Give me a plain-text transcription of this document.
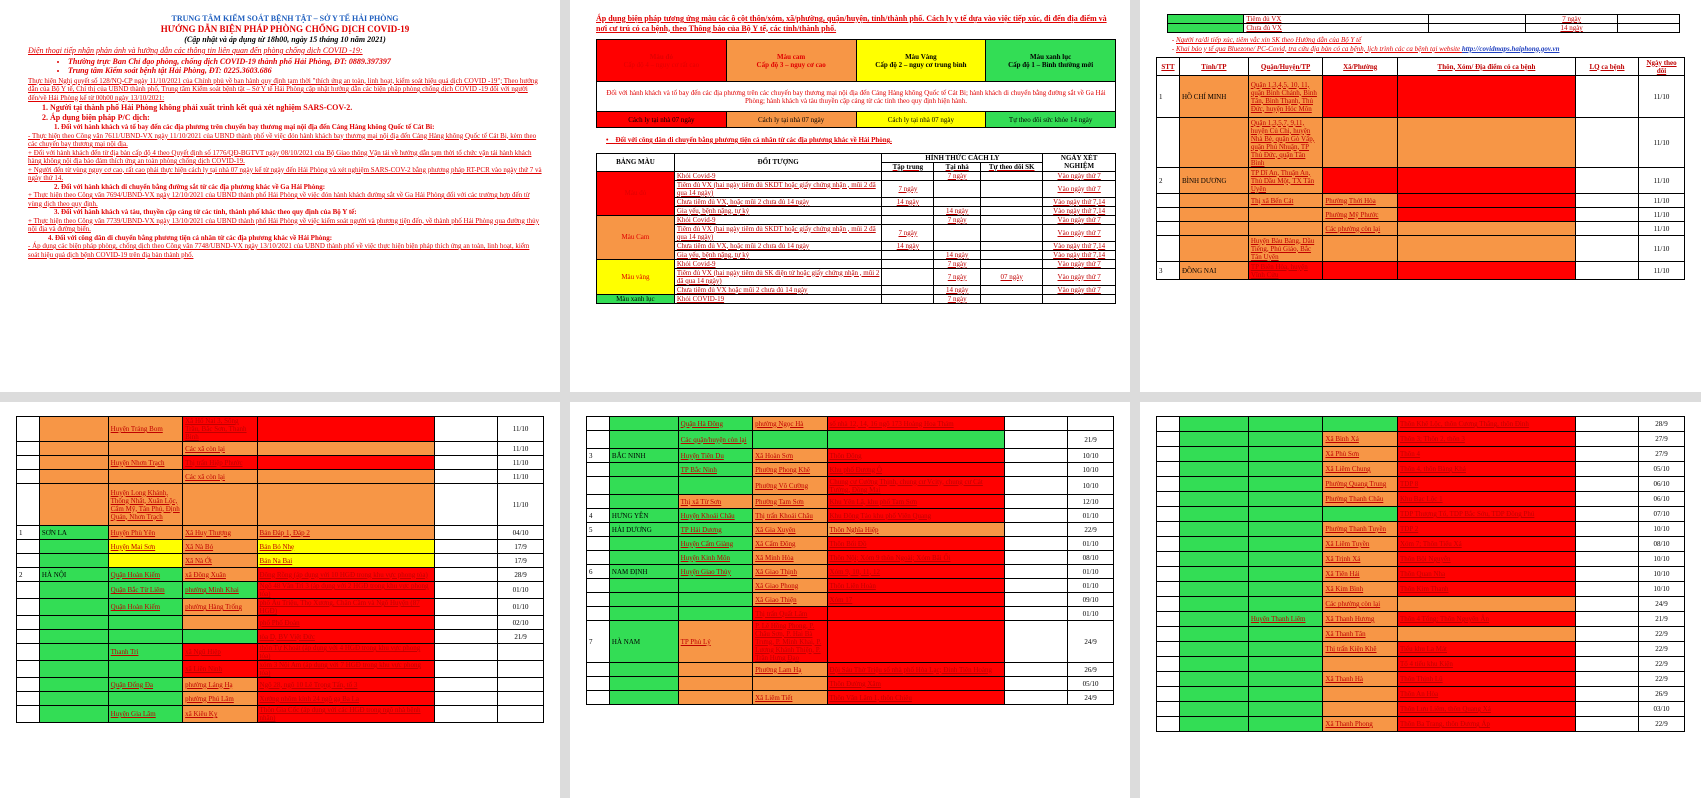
TRUNG TÂM KIỂM SOÁT BỆNH TẬT – SỞ Y TẾ HẢI PHÒNG

HƯỚNG DẪN BIỆN PHÁP PHÒNG CHỐNG DỊCH COVID-19

(Cập nhật và áp dụng từ 18h00, ngày 15 tháng 10 năm 2021)

Điện thoại tiếp nhận phản ánh và hướng dẫn các thông tin liên quan đến phòng chống dịch COVID -19:

• Thường trực Ban Chỉ đạo phòng, chống dịch COVID-19 thành phố Hải Phòng, ĐT: 0889.397397
• Trung tâm Kiểm soát bệnh tật Hải Phòng, ĐT: 0225.3603.686

Thực hiện Nghị quyết số 128/NQ-CP ngày 11/10/2021 của Chính phủ về ban hành quy định tạm thời "thích ứng an toàn, linh hoạt, kiểm soát hiệu quả dịch COVID -19"; Theo hướng dẫn của Bộ Y tế, Chỉ thị của UBND thành phố, Trung tâm Kiểm soát bệnh tật – Sở Y tế Hải Phòng cập nhật hướng dẫn các biện pháp phòng chống dịch COVID -19 đối với người đến/về Hải Phòng kể từ 00h00 ngày 13/10/2021:

1. Người tại thành phố Hải Phòng không phải xuất trình kết quả xét nghiệm SARS-COV-2.
2. Áp dụng biện pháp P/C dịch:

1. Đối với hành khách và tổ bay đến các địa phương trên chuyến bay thương mại nội địa đến Cảng Hàng không Quốc tế Cát Bi:

- Thực hiện theo Công văn 7611/UBND-VX ngày 11/10/2021 của UBND thành phố về việc đón hành khách bay thương mại nội địa đến Cảng Hàng không Quốc tế Cát Bi, kèm theo các chuyến bay thương mại nội địa.

+ Đối với hành khách đến từ địa bàn cấp độ 4 theo Quyết định số 1776/QĐ-BGTVT ngày 08/10/2021 của Bộ Giao thông Vận tải về hướng dẫn tạm thời tổ chức vận tải hành khách hàng không nội địa bảo đảm thích ứng an toàn phòng chống dịch COVID-19.

+ Người đến từ vùng nguy cơ cao, rất cao phải thực hiện cách ly tại nhà 07 ngày kể từ ngày đến Hải Phòng và xét nghiệm SARS-COV-2 bằng phương pháp RT-PCR vào ngày thứ 7 và ngày thứ 14.

2. Đối với hành khách di chuyển bằng đường sắt từ các địa phương khác về Ga Hải Phòng:

+ Thực hiện theo Công văn 7694/UBND-VX ngày 12/10/2021 của UBND thành phố Hải Phòng về việc đón hành khách đường sắt về Ga Hải Phòng đối với các trường hợp đến từ vùng dịch theo quy định.

3. Đối với hành khách và tàu, thuyền cập cảng từ các tỉnh, thành phố khác theo quy định của Bộ Y tế:

+ Thực hiện theo Công văn 7739/UBND-VX ngày 13/10/2021 của UBND thành phố Hải Phòng về việc kiểm soát người và phương tiện đến, về thành phố Hải Phòng qua đường thủy nội địa và đường biển.

4. Đối với công dân di chuyển bằng phương tiện cá nhân từ các địa phương khác về Hải Phòng:

- Áp dụng các biện pháp phòng, chống dịch theo Công văn 7748/UBND-VX ngày 13/10/2021 của UBND thành phố về việc thực hiện biện pháp thích ứng an toàn, linh hoạt, kiểm soát hiệu quả dịch bệnh COVID-19 trên địa bàn thành phố.

Áp dụng biện pháp tương ứng màu các ô cột thôn/xóm, xã/phường, quận/huyện, tỉnh/thành phố. Cách ly y tế dựa vào việc tiếp xúc, đi đến địa điểm và nơi cư trú có ca bệnh, theo Thông báo của Bộ Y tế, các tỉnh/thành phố.

Màu đỏ
Cấp độ 4 – nguy cơ rất cao	Màu cam
Cấp độ 3 – nguy cơ cao	Màu Vàng
Cấp độ 2 – nguy cơ trung bình	Màu xanh lục
Cấp độ 1 – Bình thường mới
Đối với hành khách và tổ bay đến các địa phương trên các chuyến bay thương mại nội địa đến Cảng Hàng không Quốc tế Cát Bi; hành khách di chuyển bằng đường sắt về Ga Hải Phòng; hành khách và tàu thuyền cập cảng từ các tỉnh theo quy định hiện hành.			
Cách ly tại nhà 07 ngày	Cách ly tại nhà 07 ngày	Cách ly tại nhà 07 ngày	Tự theo dõi sức khỏe 14 ngày

•    Đối với công dân di chuyển bằng phương tiện cá nhân từ các địa phương khác về Hải Phòng.

BẢNG MÀU	ĐỐI TƯỢNG	HÌNH THỨC CÁCH LY			NGÀY XÉT NGHIỆM
		Tập trung	Tại nhà	Tự theo dõi SK	
Màu đỏ	Khỏi Covid-9		7 ngày		Vào ngày thứ 7
	Tiêm đủ VX (hai ngày tiêm đủ SKDT hoặc giấy chứng nhận , mũi 2 đã qua 14 ngày)	7 ngày			Vào ngày thứ 7
	Chưa tiêm đủ VX, hoặc mũi 2 chưa đủ 14 ngày	14 ngày			Vào ngày thứ 7,14
	Gia yếu, bệnh nặng, tự kỷ		14 ngày		Vào ngày thứ 7,14
Màu Cam	Khỏi Covid-9		7 ngày		Vào ngày thứ 7
	Tiêm đủ VX (hai ngày tiêm đủ SKDT hoặc giấy chứng nhận , mũi 2 đã qua 14 ngày)	7 ngày			Vào ngày thứ 7
	Chưa tiêm đủ VX, hoặc mũi 2 chưa đủ 14 ngày	14 ngày			Vào ngày thứ 7,14
	Gia yếu, bệnh nặng, tự kỷ		14 ngày		Vào ngày thứ 7,14
Màu vàng	Khỏi Covid-9		7 ngày		Vào ngày thứ 7
	Tiêm đủ VX (hai ngày tiêm đủ SK điện tử hoặc giấy chứng nhận , mũi 2 đã qua 14 ngày)		7 ngày	07 ngày	Vào ngày thứ 7
	Chưa tiêm đủ VX hoặc mũi 2 chưa đủ 14 ngày		14 ngày		Vào ngày thứ 7
Màu xanh lục	Khỏi COVID-19		7 ngày		
	Tiêm đủ VX		7 ngày	
	Chưa đủ VX		14 ngày	
- Người ra/đi tiếp xúc, tiêm vắc xin SK theo Hướng dẫn của Bộ Y tế
- Khai báo y tế qua Bluezone/ PC-Covid, tra cứu địa bàn có ca bệnh, lịch trình các ca bệnh tại website http://covidmaps.haiphong.gov.vn
STT	Tỉnh/TP	Quận/Huyện/TP	Xã/Phường	Thôn, Xóm/ Địa điểm có ca bệnh	LQ ca bệnh	Ngày theo dõi
1	HỒ CHÍ MINH	Quận 1,3,4,5, 10, 11, quận Bình Chánh, Bình Tân, Bình Thạnh, Thủ Đức, huyện Hóc Môn				11/10
		Quận 1,3,5,7, 9,11, huyện Củ Chi, huyện Nhà Bè, quận Gò Vấp, quận Phú Nhuận, TP Thủ Đức, quận Tân Bình				11/10
2	BÌNH DƯƠNG	TP Dĩ An, Thuận An, Thủ Dầu Một, TX Tân Uyên				11/10
		Thị xã Bến Cát	Phường Thới Hòa			11/10
			Phường Mỹ Phước			11/10
			Các phường còn lại			11/10
		Huyện Bàu Bàng, Dầu Tiếng, Phú Giáo, Bắc Tân Uyên				11/10
3	ĐỒNG NAI	TP Biên Hòa, huyện Vĩnh Cửu				11/10
		Huyện Trảng Bom	Xã Hố Nai 3, Sông Trầu, Bắc Sơn, Thanh Bình			11/10
			Các xã còn lại			11/10
		Huyện Nhơn Trạch	Thị trấn Hiệp Phước			11/10
			Các xã còn lại			11/10
		Huyện Long Khánh, Thống Nhất, Xuân Lộc, Cẩm Mỹ, Tân Phú, Định Quán, Nhơn Trạch				11/10
1	SƠN LA	Huyện Phù Yên	Xã Huy Thượng	Bản Đáp 1, Đáp 2		04/10
		Huyện Mai Sơn	Xã Nà Bó	Bản Bó Nhẹ		17/9
			Xã Nà Ớt	Bản Na Bai		17/9
2	HÀ NỘI	Quận Hoàn Kiếm	xã Đông Xuân	Đông Rồng (áp dụng với 10 HGĐ trong khu vực phong tỏa)		28/9
		Quận Bắc Từ Liêm	phường Minh Khai	Ngõ 48 Văn Trì 3 (áp dụng với 2 HGĐ trong khu vực phong tỏa)		01/10
		Quận Hoàn Kiếm	phường Hàng Trống	phố Âu Triệu, Thọ Xương, Chân Cầm và Ngõ Huyện (87 HGĐ)		01/10
				phố Phố Đoàn		02/10
				tòa D, BV Việt Đức		21/9
		Thanh Trì	xã Ngũ Hiệp	thôn Tự Khoát (áp dụng với 4 HGĐ trong khu vực phong tỏa)		
			xã Liên Ninh	xóm 3 Nội Am (áp dụng với 7 HGĐ trong khu vực phong tỏa)		
		Quận Đống Đa	phường Láng Hạ	Ngõ 28, ngõ 10 Lê Trọng Tấn, tổ 3		
			phường Phú Lãm	Xưởng nhôm kính 24 ngõ gạ Ba La		
		Huyện Gia Lâm	xã Kiêu Kỵ	Thôn Gia Cốc (áp dụng với các HGĐ trong ngõ nhà bệnh nhân)		
		Quận Hà Đông	phường Ngọc Hà	số nhà 12, 14, 16 ngõ 173 Hoàng Hoa Thám		
		Các quận/huyện còn lại				21/9
3	BẮC NINH	Huyện Tiên Du	Xã Hoàn Sơn	Thôn Đông		10/10
		TP Bắc Ninh	Phường Phong Khê	Khu phố Đương Ô		10/10
			Phường Võ Cường	Chung cư Cường Thịnh, chung cư Vcity, chung cư Cát Tường, Đồng Mai		10/10
		Thị xã Từ Sơn	Phường Tam Sơn	Khu Yên Lã, khu phố Tam Sơn		12/10
4	HƯNG YÊN	Huyện Khoái Châu	Thị trấn Khoái Châu	Khu Đông Tảo khu phố Viên Quang		01/10
5	HẢI DƯƠNG	TP Hải Dương	Xã Gia Xuyên	Thôn Nghĩa Hiệp		22/9
		Huyện Cẩm Giàng	Xã Cẩm Đông	Thôn Bối Đồ		01/10
		Huyện Kinh Môn	Xã Minh Hòa	Thôn Nội; Xóm 9 thôn Ngoài; Xóm Bãi Ổi		08/10
6	NAM ĐỊNH	Huyện Giao Thủy	Xã Giao Thịnh	Xóm 9, 10, 11, 12		01/10
			Xã Giao Phong	Thôn Liên Hoàn		01/10
			Xã Giao Thiện	Xóm 17		09/10
			Thị trấn Quất Lâm			01/10
7	HÀ NAM	TP Phủ Lý	P. Lê Hồng Phong, P. Châu Sơn, P. Hai Bà Trưng, P. Minh Khai, P. Lương Khánh Thiện, P. Trần Hưng Đạo			24/9
			Phường Lam Hạ	Đội Sáu Thờ Triệu số nhà phố Hòa Lạc; Đinh Tiên Hoàng		26/9
				Thôn Đường Xâm		05/10
			Xã Liêm Tiết	Thôn Văn Lâm 1, thôn Chiêu		24/9
				Thôn Khê Lộc, thôn Cương Thắng, thôn Đình		28/9
			Xã Bình Xá	Thôn 3; Thôn 2, thôn 3		27/9
			Xã Phù Sơn	Thôn 4		27/9
			Xã Liêm Chung	Thôn 4, thôn Bàng Khá		05/10
			Phường Quang Trung	TDP 8		06/10
			Phường Thanh Châu	Khu Bạc Lộc 1		06/10
				TDP Thượng Tổ, TDP Bắc Sớu, TDP Đồng Phú		07/10
			Phường Thanh Tuyền	TDP 2		10/10
			Xã Liêm Tuyền	Xóm 7; Thôn Tiểu Xá		08/10
			Xã Trịnh Xá	Thôn Bội Nguyễn		10/10
			Xã Tiên Hải	Thôn Quan Nha		10/10
			Xã Kim Bình	Thôn Kim Thanh		10/10
			Các phường còn lại			24/9
		Huyện Thanh Liêm	Xã Thanh Hương	Thôn 4 Tổng; Thôn Nguyên Ân		21/9
			Xã Thanh Tân			22/9
			Thị trấn Kiện Khê	Tiểu khu La Mát		22/9
				Tổ 4 tiểu khu Kiện		22/9
			Xã Thanh Hà	Thôn Thịnh Lũ		22/9
				Thôn An Hòa		26/9
				Thôn Lưu Liêm, thôn Quang Xá		03/10
			Xã Thanh Phong	Thôn Ba Trang, thôn Đương Ấp		22/9
